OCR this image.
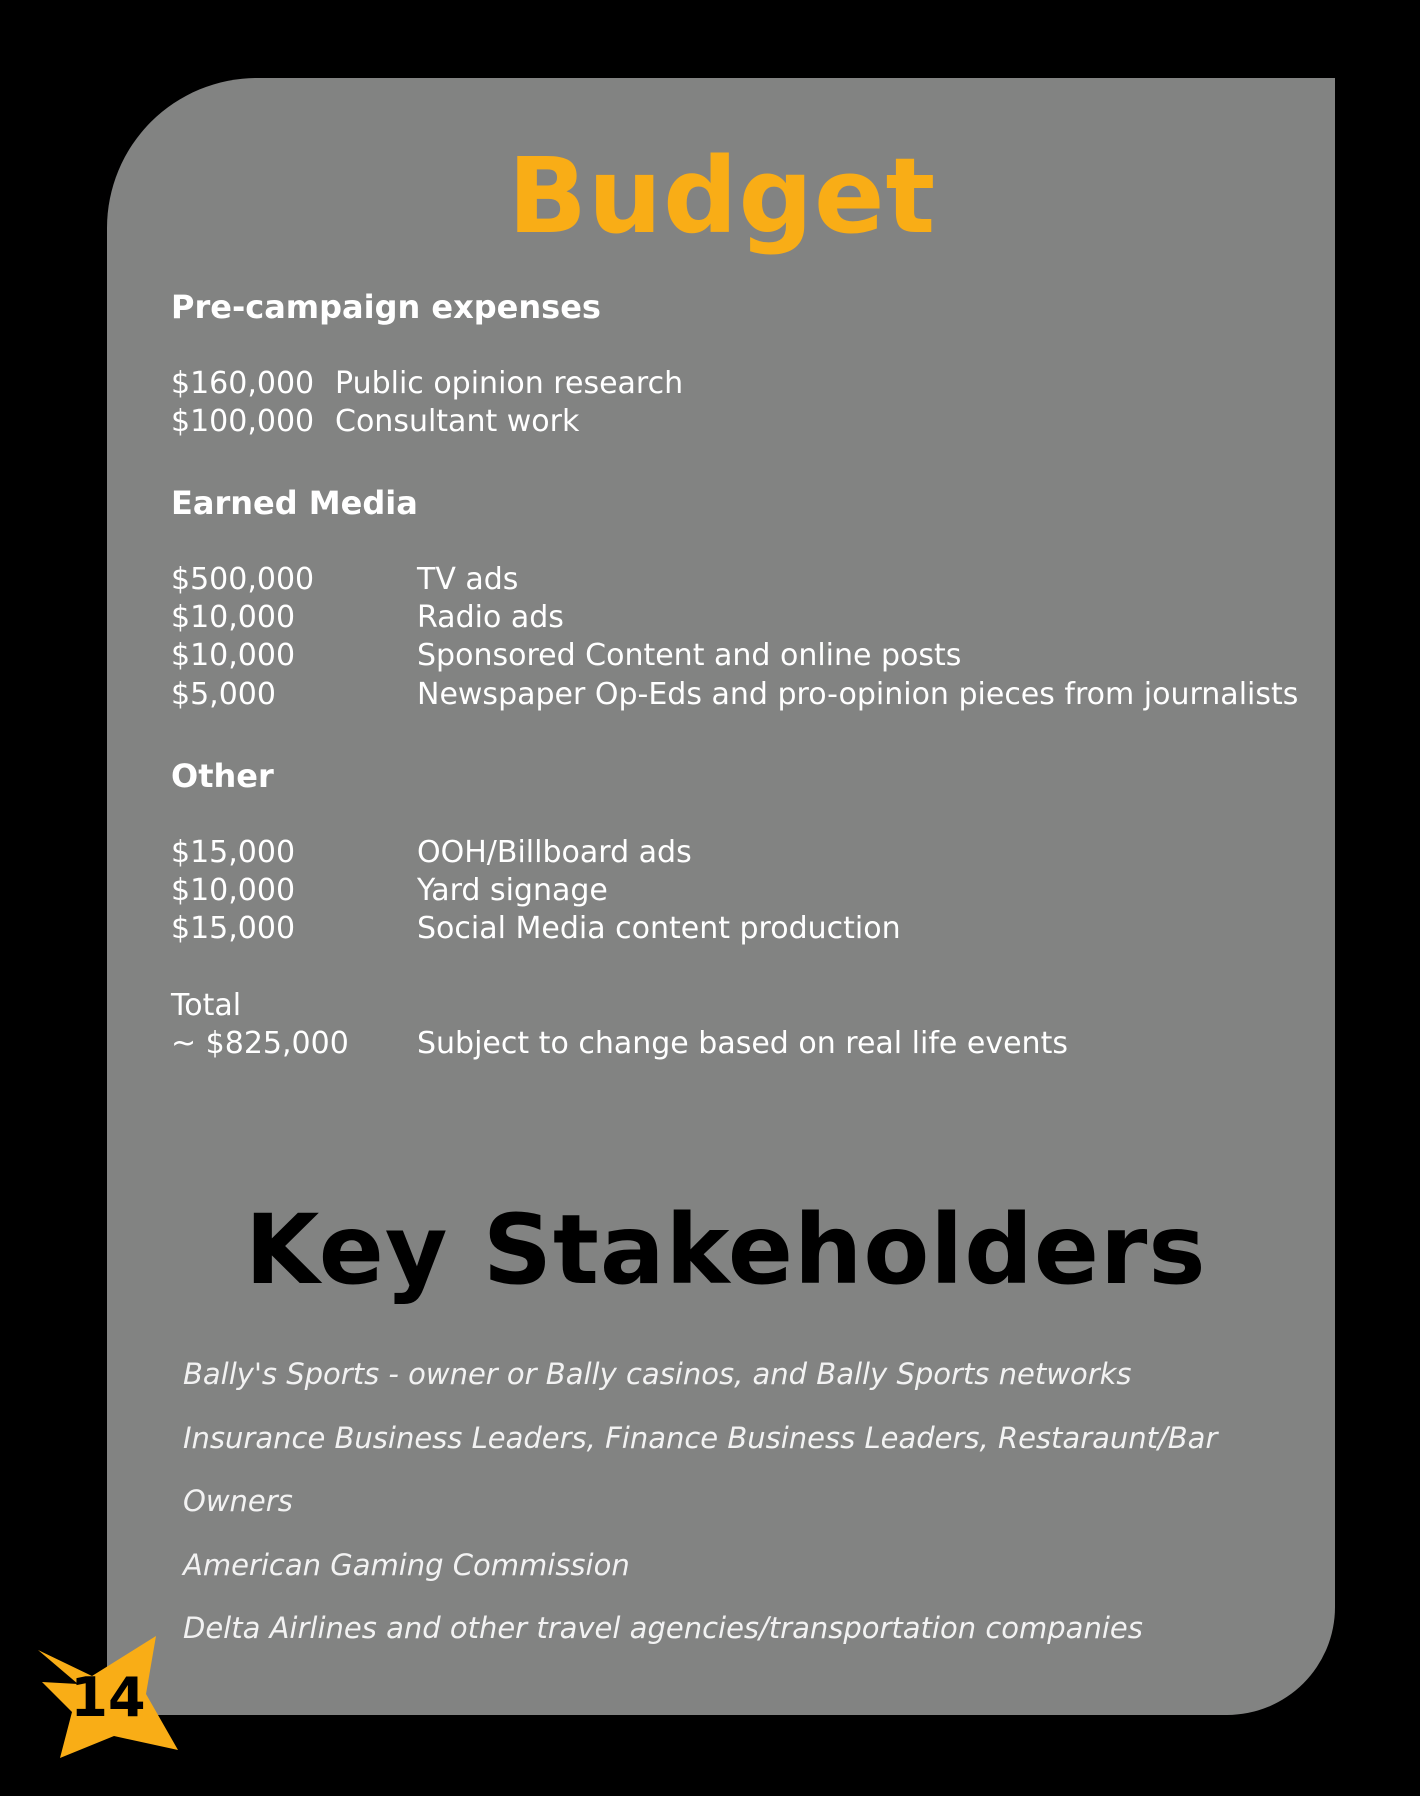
Budget
Pre-campaign expenses
$160,000 Public opinion research
$100,000 Consultant work
Earned Media
$500,000	TV ads
$10,000	Radio ads
$10,000	Sponsored Content and online posts
$5,000	Newspaper Op-Eds and pro-opinion pieces from journalists
Other
$15,000	OOH/Billboard ads
$10,000	Yard signage
$15,000	Social Media content production
Total
~ $825,000 Subject to change based on real life events
Key Stakeholders
Bally's Sports - owner or Bally casinos, and Bally Sports networks
Insurance Business Leaders, Finance Business Leaders, Restaraunt/Bar
Owners
American Gaming Commission
Delta Airlines and other travel agencies/transportation companies
14
